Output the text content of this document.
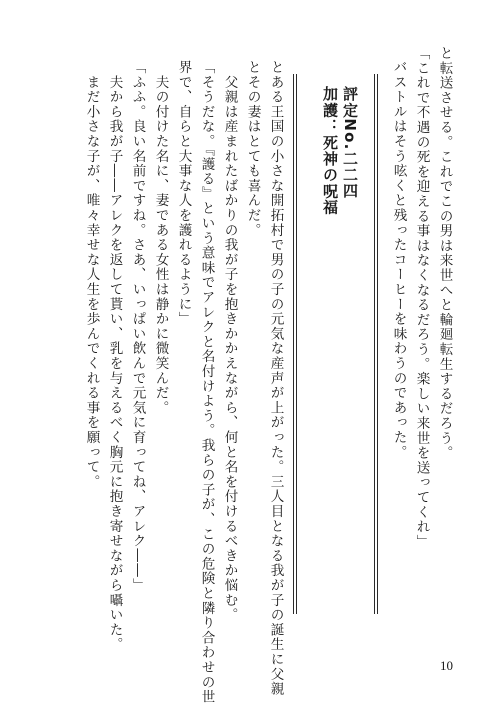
と転送させる。これでこの男は来世へと輪廻転生するだろう。
「これで不遇の死を迎える事はなくなるだろう。楽しい来世を送ってくれ」
バストルはそう呟くと残ったコーヒーを味わうのであった。
評定No.二二四
加護：死神の呪福
とある王国の小さな開拓村で男の子の元気な産声が上がった。三人目となる我が子の誕生に父親
とその妻はとても喜んだ。
　父親は産まれたばかりの我が子を抱きかかえながら、何と名を付けるべきか悩む。
「そうだな。『護る』という意味でアレクと名付けよう。我らの子が、この危険と隣り合わせの世
界で、自らと大事な人を護れるように」
　夫の付けた名に、妻である女性は静かに微笑んだ。
「ふふ。良い名前ですね。さあ、いっぱい飲んで元気に育ってね、アレク――」
　夫から我が子――アレクを返して貰い、乳を与えるべく胸元に抱き寄せながら囁いた。
　まだ小さな子が、唯々幸せな人生を歩んでくれる事を願って。
10
